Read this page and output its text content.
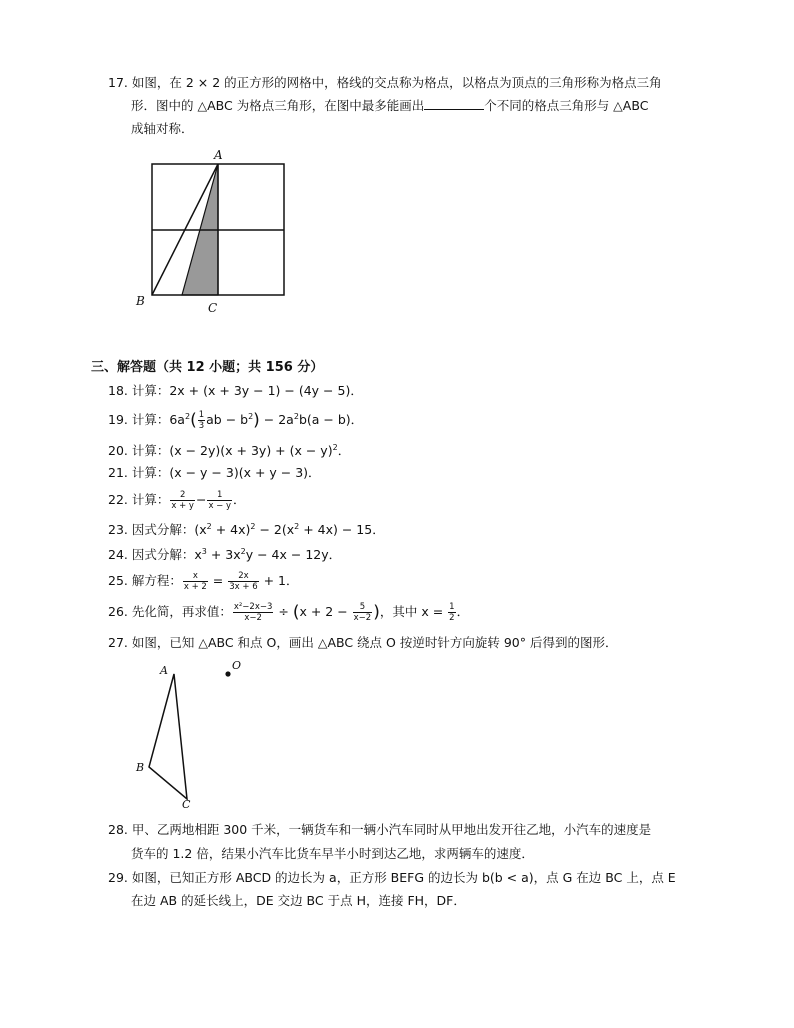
17. 如图，在 2 × 2 的正方形的网格中，格线的交点称为格点，以格点为顶点的三角形称为格点三角
形．图中的 △ABC 为格点三角形，在图中最多能画出	个不同的格点三角形与 △ABC
成轴对称．
A
B	C
三、解答题（共 12 小题；共 156 分）
18. 计算：2x + (x + 3y − 1) − (4y − 5)．
19. 计算：$6a^2( \frac{1}{3}$ ab − $b^2) - 2a^2b(a - b)$．
20. 计算：$(x - 2y)(x + 3y) + (x - y)^2$．
21. 计算：(x − y − 3)(x + y − 3)．
22. 计算： $\frac{2}{x + y} - \frac{1}{x - y}$ ．
23. 因式分解：$(x^2 + 4x)^2 - 2(x^2 + 4x) - 15$．
24. 因式分解：$x^3 + 3x^2y - 4x - 12y$．
25. 解方程： $\frac{x}{x + 2} = \frac{2x}{3x + 6} + 1$．
26. 先化简，再求值： $\frac{\text{x²−2x−3}}{x-2} \div (x + 2 - \frac{5}{x-2}$ )，其中 $x = \frac{1}{2}$ ．
27. 如图，已知 △ABC 和点 O，画出 △ABC 绕点 O 按逆时针方向旋转 90° 后得到的图形．
A
B
C
O
28. 甲、乙两地相距 300 千米，一辆货车和一辆小汽车同时从甲地出发开往乙地，小汽车的速度是
货车的 1.2 倍，结果小汽车比货车早半小时到达乙地，求两辆车的速度．
29. 如图，已知正方形 ABCD 的边长为 a，正方形 BEFG 的边长为 b(b < a)，点 G 在边 BC 上，点 E
在边 AB 的延长线上，DE 交边 BC 于点 H，连接 FH，DF．
